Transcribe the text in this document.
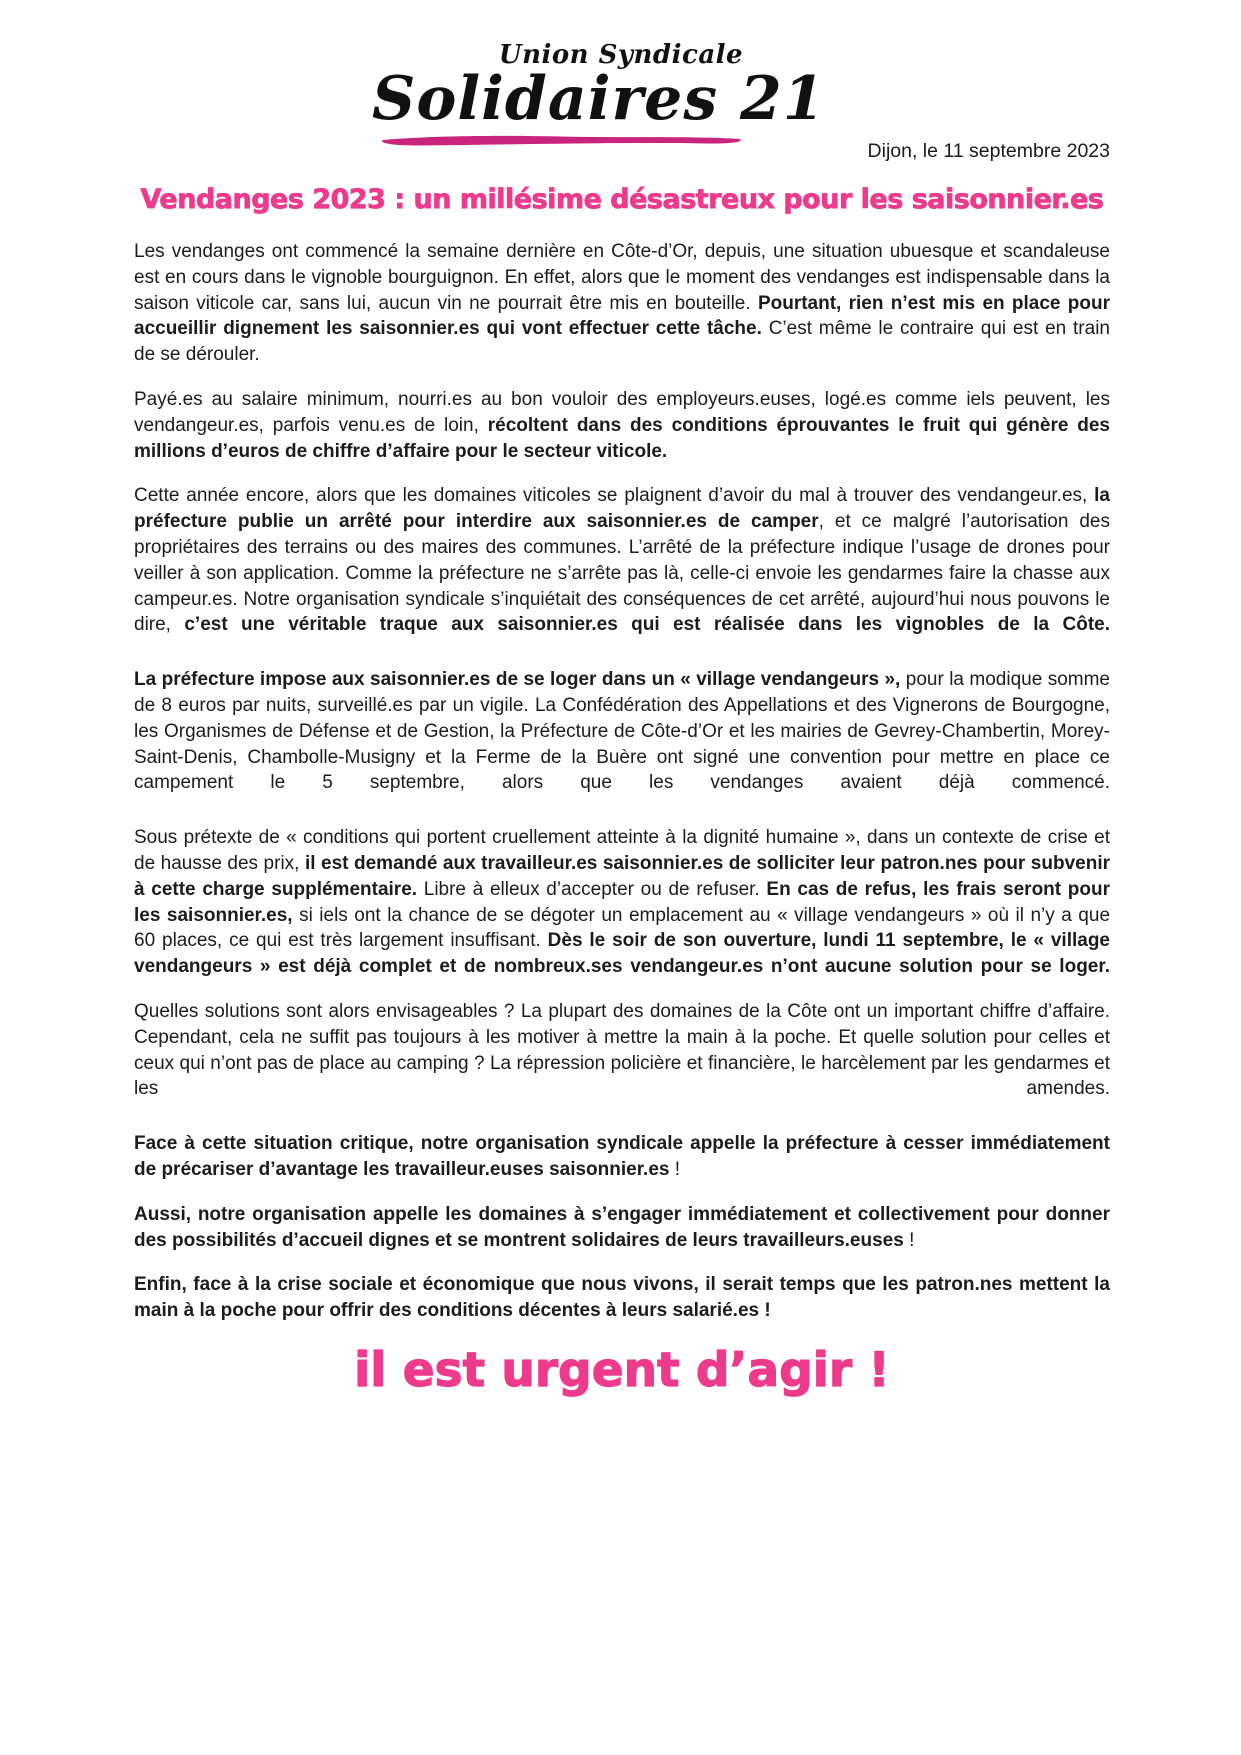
Union Syndicale
Solidaires 21
Dijon, le 11 septembre 2023
Vendanges 2023 : un millésime désastreux pour les saisonnier.es

Les vendanges ont commencé la semaine dernière en Côte-d’Or, depuis, une situation ubuesque et scandaleuse est en cours dans le vignoble bourguignon. En effet, alors que le moment des vendanges est indispensable dans la saison viticole car, sans lui, aucun vin ne pourrait être mis en bouteille. Pourtant, rien n’est mis en place pour accueillir dignement les saisonnier.es qui vont effectuer cette tâche. C’est même le contraire qui est en train de se dérouler.

Payé.es au salaire minimum, nourri.es au bon vouloir des employeurs.euses, logé.es comme iels peuvent, les vendangeur.es, parfois venu.es de loin, récoltent dans des conditions éprouvantes le fruit qui génère des millions d’euros de chiffre d’affaire pour le secteur viticole.

Cette année encore, alors que les domaines viticoles se plaignent d’avoir du mal à trouver des vendangeur.es, la préfecture publie un arrêté pour interdire aux saisonnier.es de camper, et ce malgré l’autorisation des propriétaires des terrains ou des maires des communes. L’arrêté de la préfecture indique l’usage de drones pour veiller à son application. Comme la préfecture ne s’arrête pas là, celle-ci envoie les gendarmes faire la chasse aux campeur.es. Notre organisation syndicale s’inquiétait des conséquences de cet arrêté, aujourd’hui nous pouvons le dire, c’est une véritable traque aux saisonnier.es qui est réalisée dans les vignobles de la Côte.

La préfecture impose aux saisonnier.es de se loger dans un « village vendangeurs », pour la modique somme de 8 euros par nuits, surveillé.es par un vigile. La Confédération des Appellations et des Vignerons de Bourgogne, les Organismes de Défense et de Gestion, la Préfecture de Côte-d’Or et les mairies de Gevrey-Chambertin, Morey-Saint-Denis, Chambolle-Musigny et la Ferme de la Buère ont signé une convention pour mettre en place ce campement le 5 septembre, alors que les vendanges avaient déjà commencé.

Sous prétexte de « conditions qui portent cruellement atteinte à la dignité humaine », dans un contexte de crise et de hausse des prix, il est demandé aux travailleur.es saisonnier.es de solliciter leur patron.nes pour subvenir à cette charge supplémentaire. Libre à elleux d’accepter ou de refuser. En cas de refus, les frais seront pour les saisonnier.es, si iels ont la chance de se dégoter un emplacement au « village vendangeurs » où il n’y a que 60 places, ce qui est très largement insuffisant. Dès le soir de son ouverture, lundi 11 septembre, le « village vendangeurs » est déjà complet et de nombreux.ses vendangeur.es n’ont aucune solution pour se loger.

Quelles solutions sont alors envisageables ? La plupart des domaines de la Côte ont un important chiffre d’affaire. Cependant, cela ne suffit pas toujours à les motiver à mettre la main à la poche. Et quelle solution pour celles et ceux qui n’ont pas de place au camping ? La répression policière et financière, le harcèlement par les gendarmes et les amendes.

Face à cette situation critique, notre organisation syndicale appelle la préfecture à cesser immédiatement de précariser d’avantage les travailleur.euses saisonnier.es !

Aussi, notre organisation appelle les domaines à s’engager immédiatement et collectivement pour donner des possibilités d’accueil dignes et se montrent solidaires de leurs travailleurs.euses !

Enfin, face à la crise sociale et économique que nous vivons, il serait temps que les patron.nes mettent la main à la poche pour offrir des conditions décentes à leurs salarié.es !

il est urgent d’agir !
